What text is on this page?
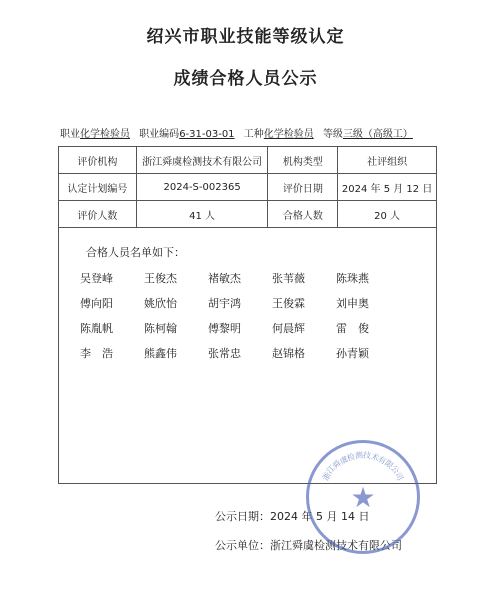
绍兴市职业技能等级认定
成绩合格人员公示
职业化学检验员 职业编码6-31-03-01 工种化学检验员 等级三级（高级工）
评价机构	浙江舜虞检测技术有限公司	机构类型	社评组织
认定计划编号	2024-S-002365	评价日期	2024 年 5 月 12 日
评价人数	41 人	合格人数	20 人
合格人员名单如下：
吴登峰	王俊杰	褚敏杰	张苇薇	陈珠燕
傅向阳	姚欣怡	胡宇鸿	王俊霖	刘申奥
陈胤帆	陈柯翰	傅黎明	何晨辉	雷　俊
李　浩	熊鑫伟	张常忠	赵锦格	孙青颖
公示日期：2024 年 5 月 14 日
公示单位：浙江舜虞检测技术有限公司
★
浙
江
舜
虞
检
测 技
术
有
限
公
司
